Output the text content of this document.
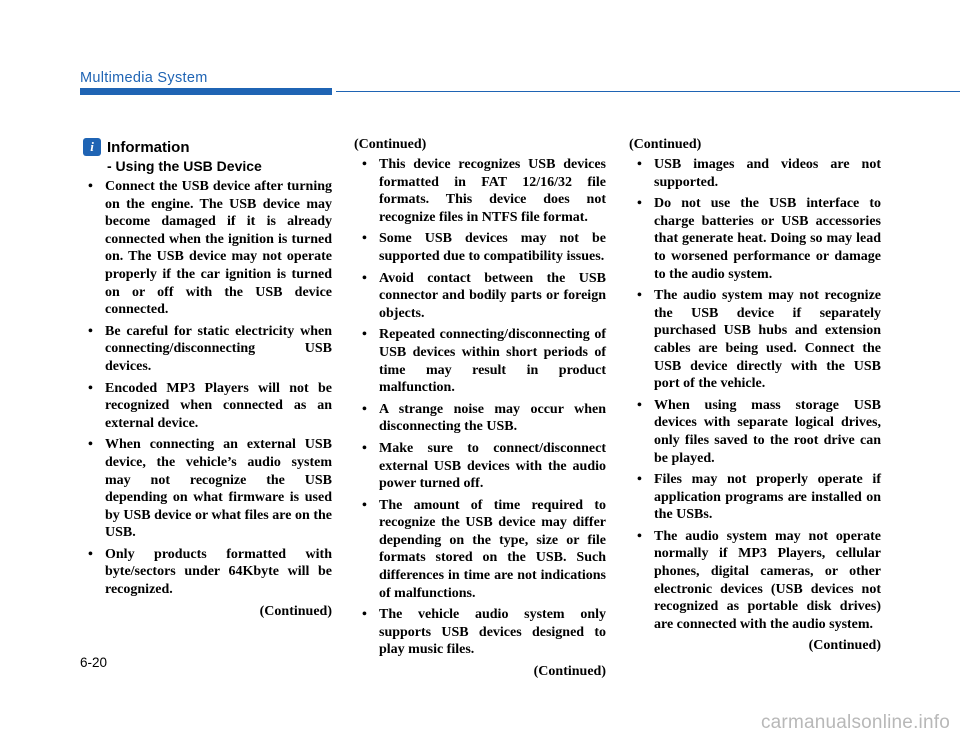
Multimedia System
i Information
- Using the USB Device
• Connect the USB device after turning on the engine. The USB device may become damaged if it is already connected when the ignition is turned on. The USB device may not operate properly if the car ignition is turned on or off with the USB device connected.
• Be careful for static electricity when connecting/disconnecting USB devices.
• Encoded MP3 Players will not be recognized when connected as an external device.
• When connecting an external USB device, the vehicle’s audio system may not recognize the USB depending on what firmware is used by USB device or what files are on the USB.
• Only products formatted with byte/sectors under 64Kbyte will be recognized.
(Continued)
(Continued)
• This device recognizes USB devices formatted in FAT 12/16/32 file formats. This device does not recognize files in NTFS file format.
• Some USB devices may not be supported due to compatibility issues.
• Avoid contact between the USB connector and bodily parts or foreign objects.
• Repeated connecting/disconnecting of USB devices within short periods of time may result in product malfunction.
• A strange noise may occur when disconnecting the USB.
• Make sure to connect/disconnect external USB devices with the audio power turned off.
• The amount of time required to recognize the USB device may differ depending on the type, size or file formats stored on the USB. Such differences in time are not indications of malfunctions.
• The vehicle audio system only supports USB devices designed to play music files.
(Continued)
(Continued)
• USB images and videos are not supported.
• Do not use the USB interface to charge batteries or USB accessories that generate heat. Doing so may lead to worsened performance or damage to the audio system.
• The audio system may not recognize the USB device if separately purchased USB hubs and extension cables are being used. Connect the USB device directly with the USB port of the vehicle.
• When using mass storage USB devices with separate logical drives, only files saved to the root drive can be played.
• Files may not properly operate if application programs are installed on the USBs.
• The audio system may not operate normally if MP3 Players, cellular phones, digital cameras, or other electronic devices (USB devices not recognized as portable disk drives) are connected with the audio system.
(Continued)
6-20
carmanualsonline.info
